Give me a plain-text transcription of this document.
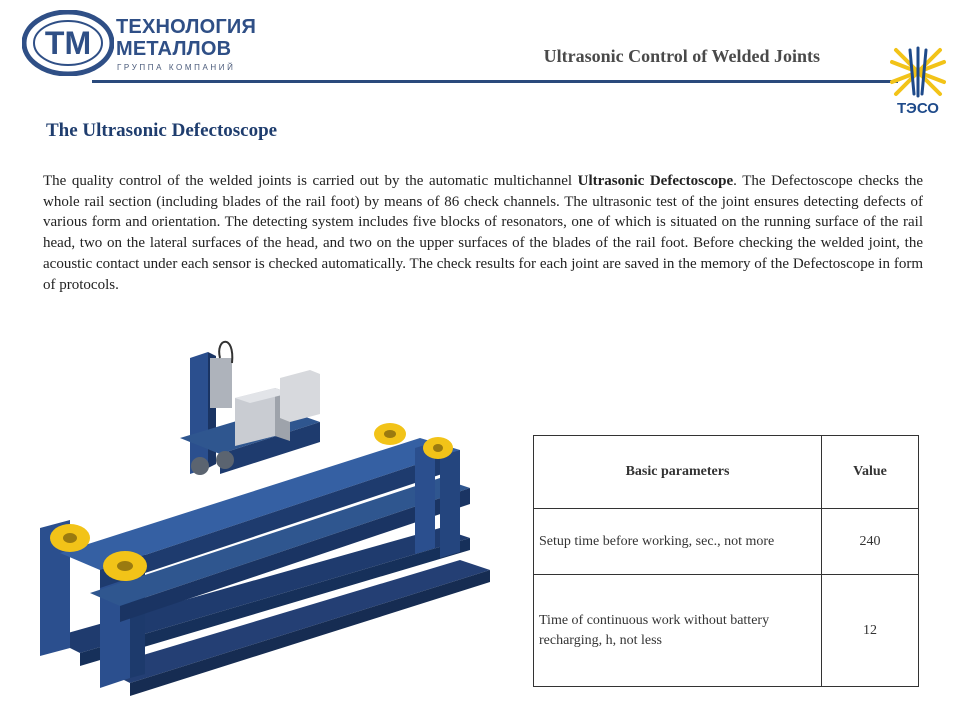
ТМ ТЕХНОЛОГИЯ
МЕТАЛЛОВ
ГРУППА КОМПАНИЙ
Ultrasonic Control of Welded Joints
ТЭСО
The Ultrasonic Defectoscope
The quality control of the welded joints is carried out by the automatic multichannel Ultrasonic Defectoscope. The Defectoscope checks the whole rail section (including blades of the rail foot) by means of 86 check channels. The ultrasonic test of the joint ensures detecting defects of various form and orientation. The detecting system includes five blocks of resonators, one of which is situated on the running surface of the rail head, two on the lateral surfaces of the head, and two on the upper surfaces of the blades of the rail foot. Before checking the welded joint, the acoustic contact under each sensor is checked automatically. The check results for each joint are saved in the memory of the Defectoscope in form of protocols.
Basic parameters	Value
Setup time before working, sec., not more	240
Time of continuous work without battery recharging, h, not less	12
